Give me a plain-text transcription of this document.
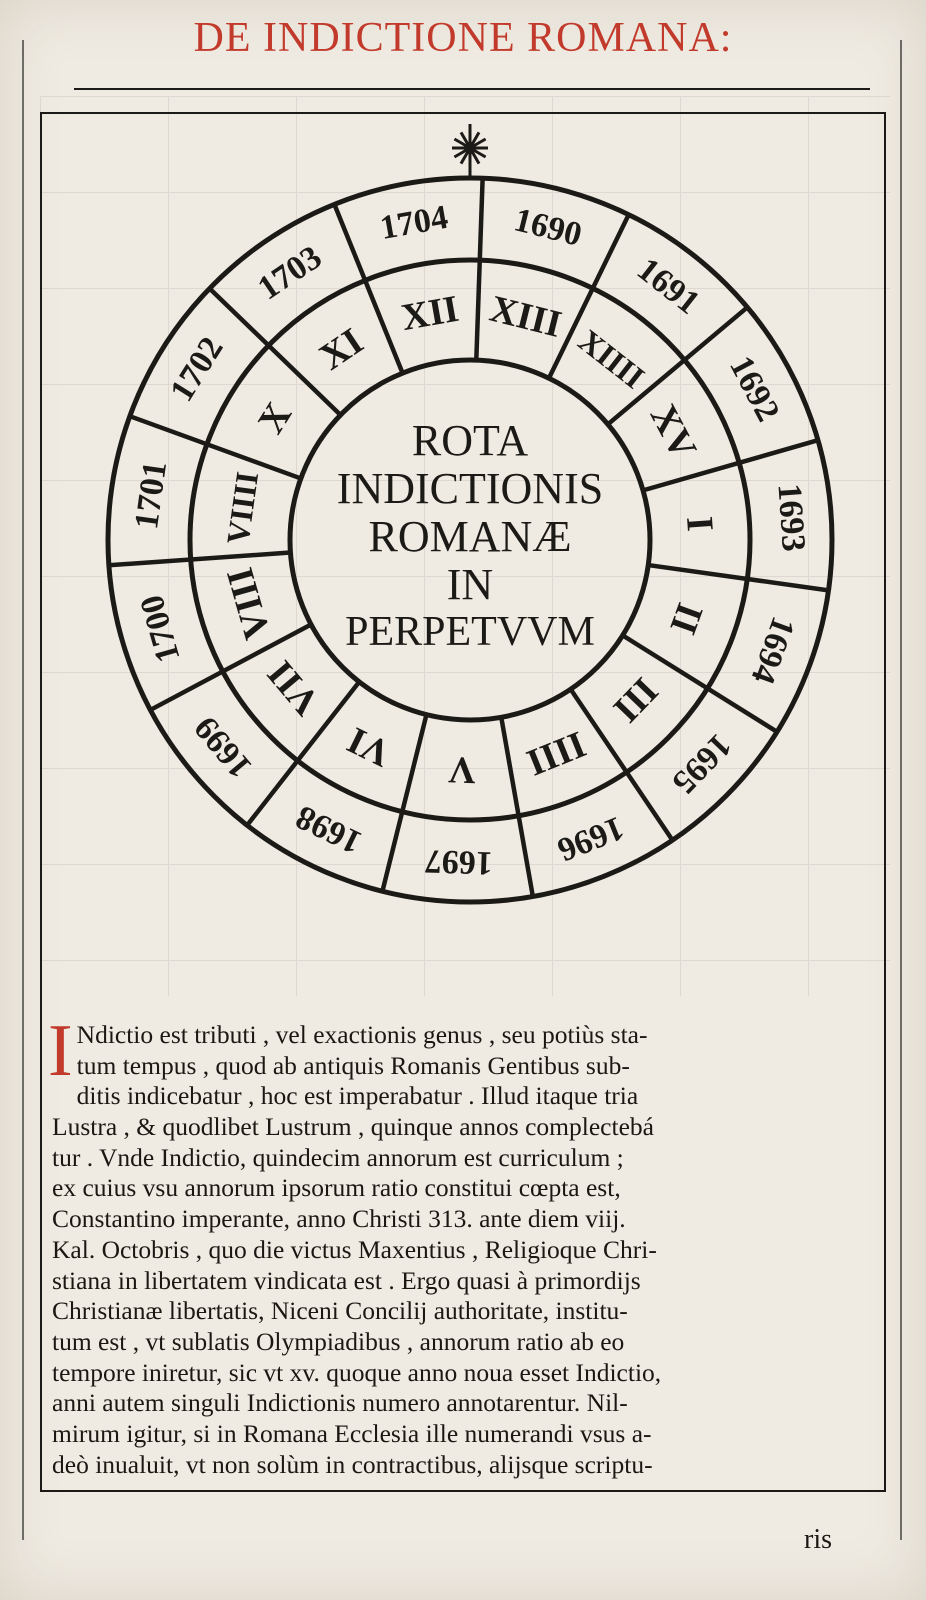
DE INDICTIONE ROMANA:
1693
1694
1695
1696
1697
1698
1699
1700
1701
1702
1703
1704 1690
1691
1692
I
II
III
IIII
V
VI
VII
VIII
VIIII
X
XI
XII XIII
XIIII
XV
ROTA
INDICTIONIS
ROMANÆ
IN
PERPETVVM
I Ndictio est tributi , vel exactionis genus , seu potiùs sta-
tum tempus , quod ab antiquis Romanis Gentibus sub-
ditis indicebatur , hoc est imperabatur . Illud itaque tria
Lustra , & quodlibet Lustrum , quinque annos complectebá
tur . Vnde Indictio, quindecim annorum est curriculum ;
ex cuius vsu annorum ipsorum ratio constitui cœpta est,
Constantino imperante, anno Christi 313. ante diem viij.
Kal. Octobris , quo die victus Maxentius , Religioque Chri-
stiana in libertatem vindicata est . Ergo quasi à primordijs
Christianæ libertatis, Niceni Concilij authoritate, institu-
tum est , vt sublatis Olympiadibus , annorum ratio ab eo
tempore iniretur, sic vt xv. quoque anno noua esset Indictio,
anni autem singuli Indictionis numero annotarentur. Nil-
mirum igitur, si in Romana Ecclesia ille numerandi vsus a-
deò inualuit, vt non solùm in contractibus, alijsque scriptu-
ris
